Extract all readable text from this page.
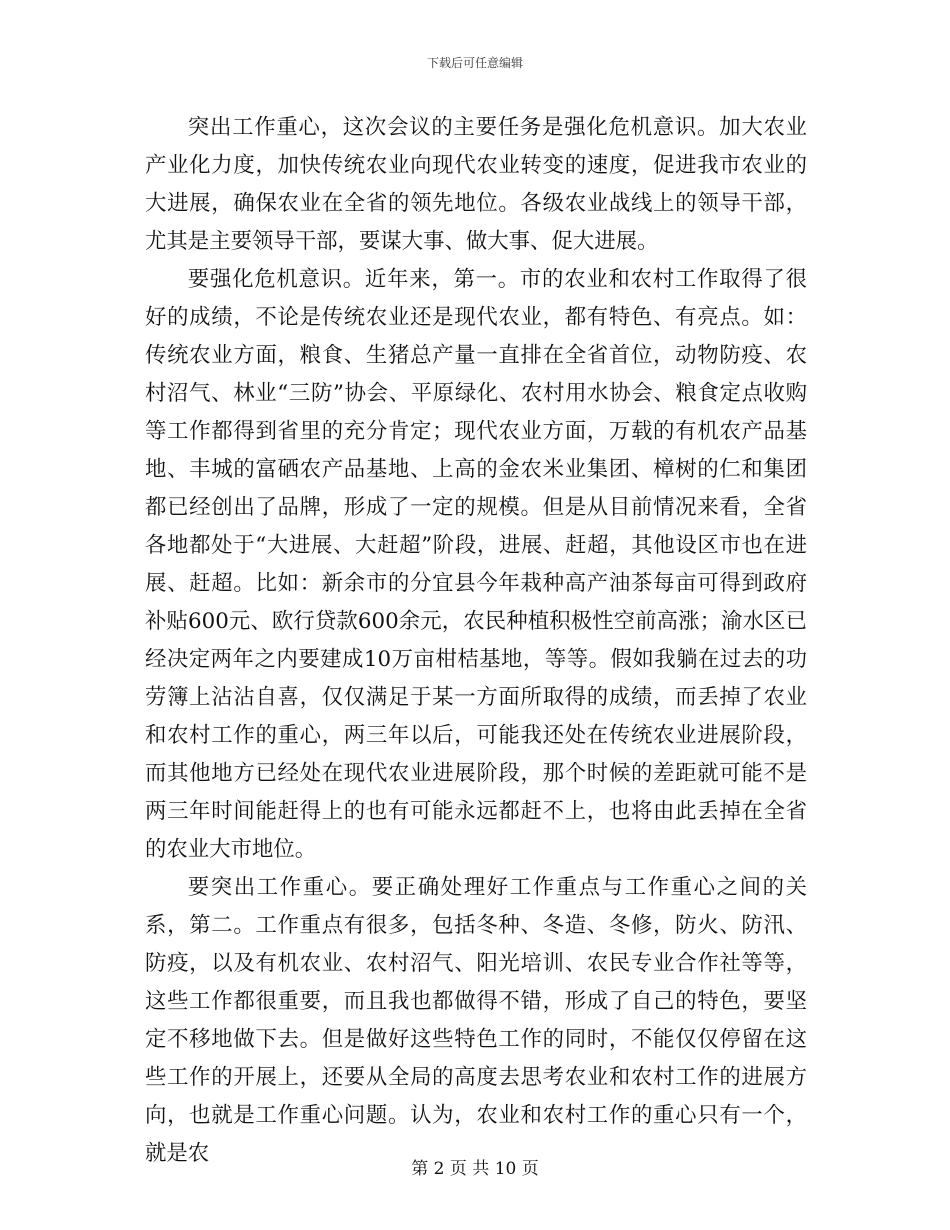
下载后可任意编辑

突出工作重心，这次会议的主要任务是强化危机意识。加大农业产业化力度，加快传统农业向现代农业转变的速度，促进我市农业的大进展，确保农业在全省的领先地位。各级农业战线上的领导干部，尤其是主要领导干部，要谋大事、做大事、促大进展。

要强化危机意识。近年来，第一。市的农业和农村工作取得了很好的成绩，不论是传统农业还是现代农业，都有特色、有亮点。如：传统农业方面，粮食、生猪总产量一直排在全省首位，动物防疫、农村沼气、林业“三防”协会、平原绿化、农村用水协会、粮食定点收购等工作都得到省里的充分肯定；现代农业方面，万载的有机农产品基地、丰城的富硒农产品基地、上高的金农米业集团、樟树的仁和集团都已经创出了品牌，形成了一定的规模。但是从目前情况来看，全省各地都处于“大进展、大赶超”阶段，进展、赶超，其他设区市也在进展、赶超。比如：新余市的分宜县今年栽种高产油茶每亩可得到政府补贴600元、欧行贷款600余元，农民种植积极性空前高涨；渝水区已经决定两年之内要建成10万亩柑桔基地，等等。假如我躺在过去的功劳簿上沾沾自喜，仅仅满足于某一方面所取得的成绩，而丢掉了农业和农村工作的重心，两三年以后，可能我还处在传统农业进展阶段，而其他地方已经处在现代农业进展阶段，那个时候的差距就可能不是两三年时间能赶得上的也有可能永远都赶不上，也将由此丢掉在全省的农业大市地位。

要突出工作重心。要正确处理好工作重点与工作重心之间的关系，第二。工作重点有很多，包括冬种、冬造、冬修，防火、防汛、防疫，以及有机农业、农村沼气、阳光培训、农民专业合作社等等，这些工作都很重要，而且我也都做得不错，形成了自己的特色，要坚定不移地做下去。但是做好这些特色工作的同时，不能仅仅停留在这些工作的开展上，还要从全局的高度去思考农业和农村工作的进展方向，也就是工作重心问题。认为，农业和农村工作的重心只有一个，就是农

第 2 页 共 10 页
